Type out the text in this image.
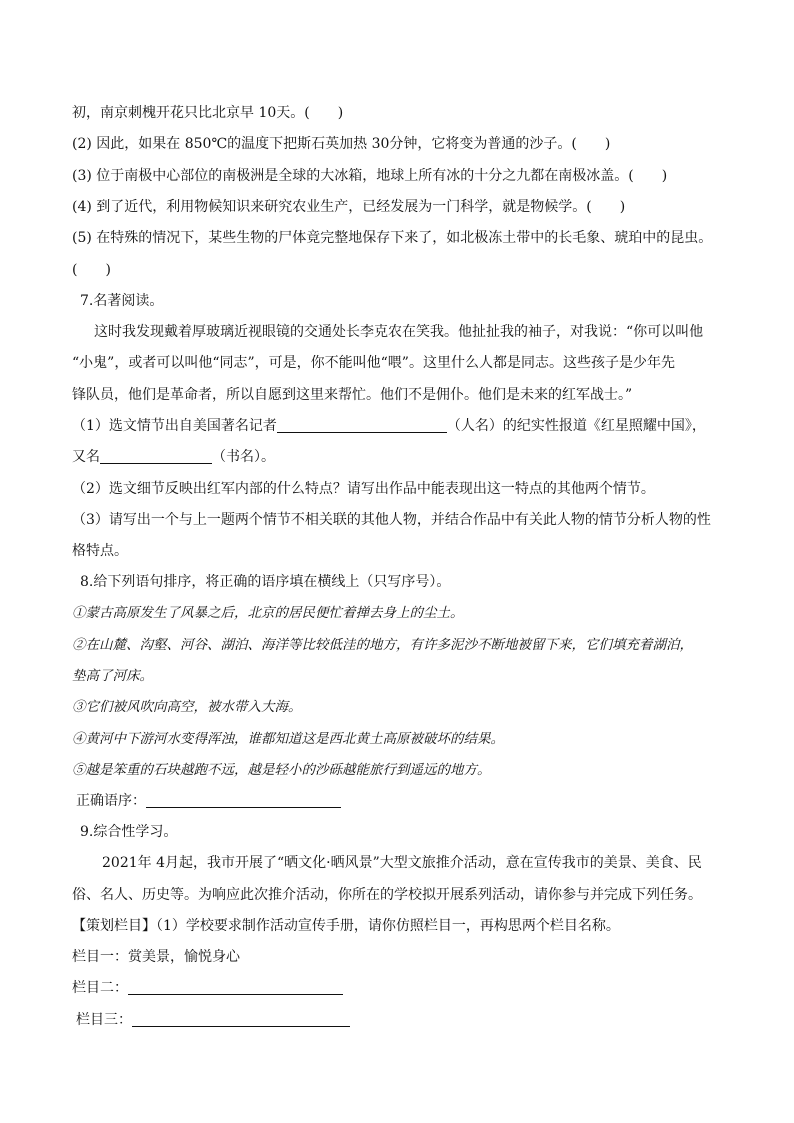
初，南京刺槐开花只比北京早 10天。(　　)
(2) 因此，如果在 850℃的温度下把斯石英加热 30分钟，它将变为普通的沙子。(　　)
(3) 位于南极中心部位的南极洲是全球的大冰箱，地球上所有冰的十分之九都在南极冰盖。(　　)
(4) 到了近代，利用物候知识来研究农业生产，已经发展为一门科学，就是物候学。(　　)
(5) 在特殊的情况下，某些生物的尸体竟完整地保存下来了，如北极冻土带中的长毛象、琥珀中的昆虫。
(　　)
7.名著阅读。
这时我发现戴着厚玻璃近视眼镜的交通处长李克农在笑我。他扯扯我的袖子，对我说：“你可以叫他
“小鬼”，或者可以叫他“同志”，可是，你不能叫他“喂”。这里什么人都是同志。这些孩子是少年先
锋队员，他们是革命者，所以自愿到这里来帮忙。他们不是佣仆。他们是未来的红军战士。”
（1）选文情节出自美国著名记者	（人名）的纪实性报道《红星照耀中国》，
又名	（书名）。
（2）选文细节反映出红军内部的什么特点？请写出作品中能表现出这一特点的其他两个情节。
（3）请写出一个与上一题两个情节不相关联的其他人物，并结合作品中有关此人物的情节分析人物的性
格特点。
8.给下列语句排序，将正确的语序填在横线上（只写序号）。
①蒙古高原发生了风暴之后，北京的居民便忙着掸去身上的尘土。
②在山麓、沟壑、河谷、湖泊、海洋等比较低洼的地方，有许多泥沙不断地被留下来，它们填充着湖泊，
垫高了河床。
③它们被风吹向高空，被水带入大海。
④黄河中下游河水变得浑浊，谁都知道这是西北黄土高原被破坏的结果。
⑤越是笨重的石块越跑不远，越是轻小的沙砾越能旅行到遥远的地方。
正确语序：
9.综合性学习。
2021年 4月起，我市开展了“晒文化·晒风景”大型文旅推介活动，意在宣传我市的美景、美食、民
俗、名人、历史等。为响应此次推介活动，你所在的学校拟开展系列活动，请你参与并完成下列任务。
【策划栏目】（1）学校要求制作活动宣传手册，请你仿照栏目一，再构思两个栏目名称。
栏目一：赏美景，愉悦身心
栏目二：
栏目三：
